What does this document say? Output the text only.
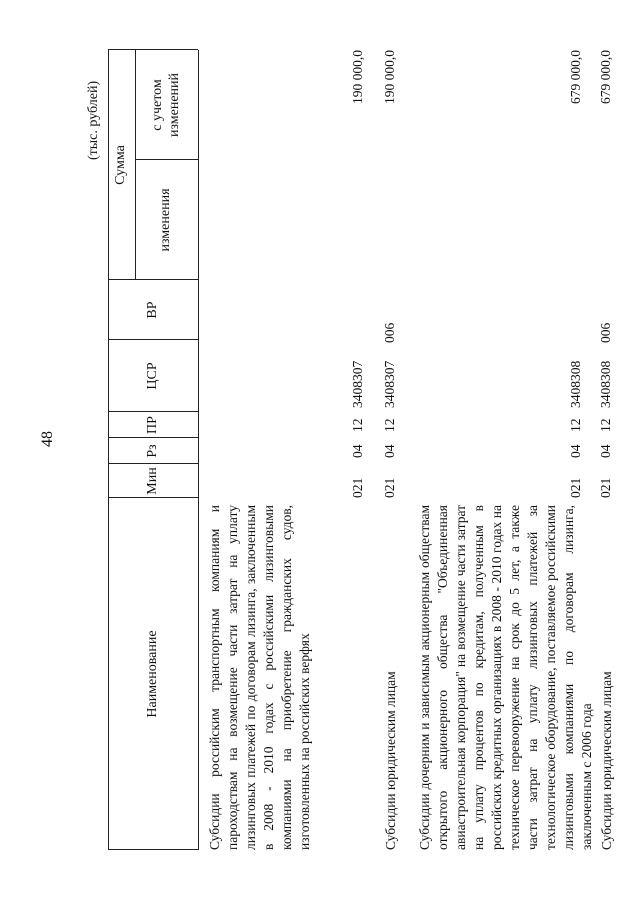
48
(тыс. рублей)
Наименование
Мин
Рз
ПР
ЦСР
ВР
Сумма
изменения
с учетом изменений
Субсидии российским транспортным компаниям и пароходствам на возмещение части затрат на уплату лизинговых платежей по договорам лизинга, заключенным в 2008 - 2010 годах с российскими лизинговыми компаниями на приобретение гражданских судов, изготовленных на российских верфях
021
04
12
3408307
190 000,0
Субсидии юридическим лицам
021
04
12
3408307
006
190 000,0
Субсидии дочерним и зависимым акционерным обществам открытого акционерного общества "Объединенная авиастроительная корпорация" на возмещение части затрат на уплату процентов по кредитам, полученным в российских кредитных организациях в 2008 - 2010 годах на техническое перевооружение на срок до 5 лет, а также части затрат на уплату лизинговых платежей за технологическое оборудование, поставляемое российскими лизинговыми компаниями по договорам лизинга, заключенным с 2006 года
021
04
12
3408308
679 000,0
Субсидии юридическим лицам
021
04
12
3408308
006
679 000,0
